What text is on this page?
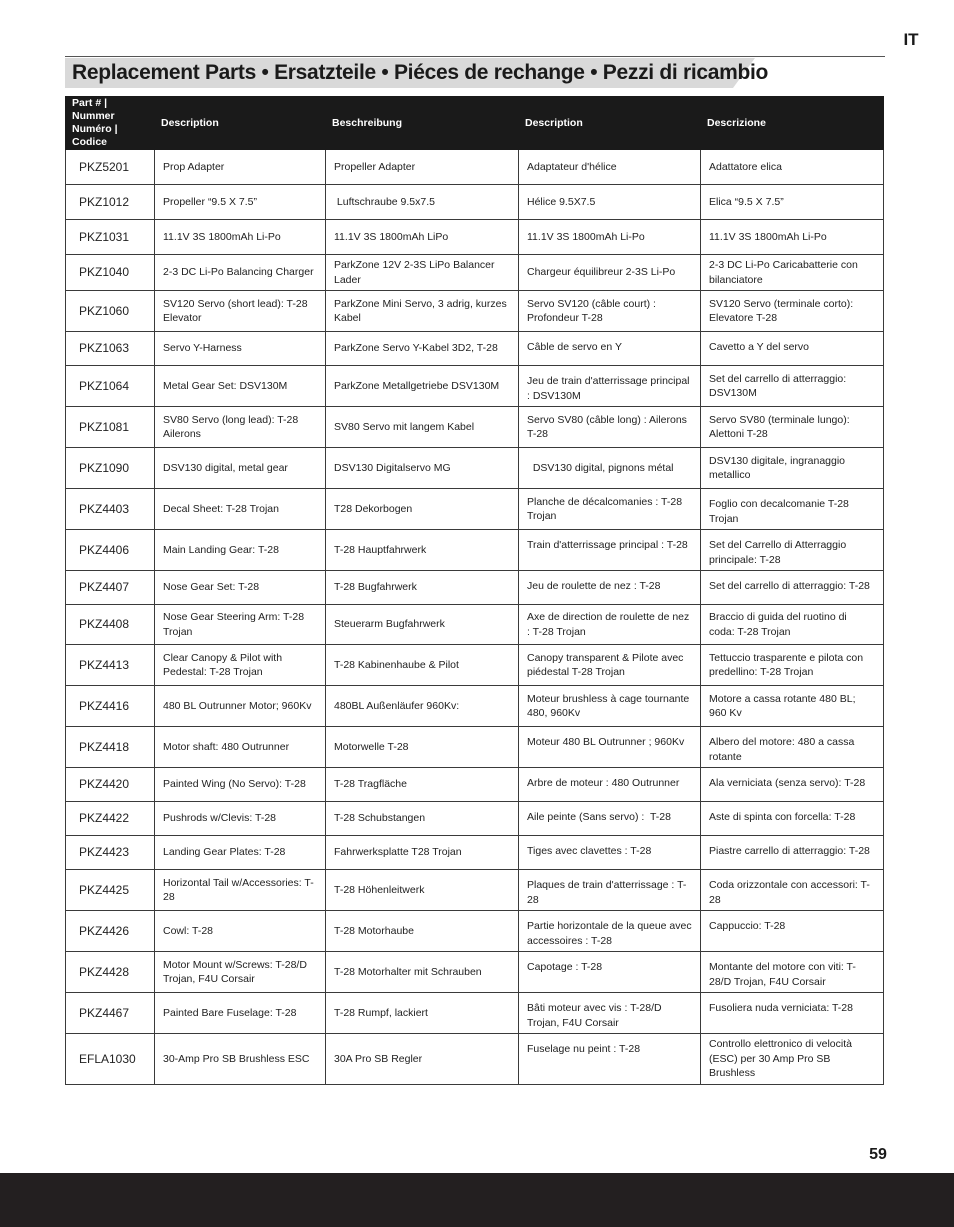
IT
Replacement Parts • Ersatzteile • Piéces de rechange • Pezzi di ricambio
Part # | Nummer
Numéro | Codice	Description	Beschreibung	Description	Descrizione
PKZ5201	Prop Adapter	Propeller Adapter	Adaptateur d'hélice	Adattatore elica
PKZ1012	Propeller “9.5 X 7.5”	Luftschraube 9.5x7.5	Hélice 9.5X7.5	Elica “9.5 X 7.5”
PKZ1031	11.1V 3S 1800mAh Li-Po	11.1V 3S 1800mAh LiPo	11.1V 3S 1800mAh Li-Po	11.1V 3S 1800mAh Li-Po
PKZ1040	2-3 DC Li-Po Balancing Charger	ParkZone 12V 2-3S LiPo Balancer Lader	Chargeur équilibreur 2-3S Li-Po	2-3 DC Li-Po Caricabatterie con bilanciatore
PKZ1060	SV120 Servo (short lead): T-28 Elevator	ParkZone Mini Servo, 3 adrig, kurzes Kabel	Servo SV120 (câble court) : Profondeur T-28	SV120 Servo (terminale corto): Elevatore T-28
PKZ1063	Servo Y-Harness	ParkZone Servo Y-Kabel 3D2, T-28	Câble de servo en Y	Cavetto a Y del servo
PKZ1064	Metal Gear Set: DSV130M	ParkZone Metallgetriebe DSV130M	Jeu de train d'atterrissage principal : DSV130M	Set del carrello di atterraggio: DSV130M
PKZ1081	SV80 Servo (long lead): T-28 Ailerons	SV80 Servo mit langem Kabel	Servo SV80 (câble long) : Ailerons T-28	Servo SV80 (terminale lungo): Alettoni T-28
PKZ1090	DSV130 digital, metal gear	DSV130 Digitalservo MG	DSV130 digital, pignons métal	DSV130 digitale, ingranaggio metallico
PKZ4403	Decal Sheet: T-28 Trojan	T28 Dekorbogen	Planche de décalcomanies : T-28 Trojan	Foglio con decalcomanie T-28 Trojan
PKZ4406	Main Landing Gear: T-28	T-28 Hauptfahrwerk	Train d'atterrissage principal : T-28	Set del Carrello di Atterraggio principale: T-28
PKZ4407	Nose Gear Set: T-28	T-28 Bugfahrwerk	Jeu de roulette de nez : T-28	Set del carrello di atterraggio: T-28
PKZ4408	Nose Gear Steering Arm: T-28 Trojan	Steuerarm Bugfahrwerk	Axe de direction de roulette de nez : T-28 Trojan	Braccio di guida del ruotino di coda: T-28 Trojan
PKZ4413	Clear Canopy & Pilot with Pedestal: T-28 Trojan	T-28 Kabinenhaube & Pilot	Canopy transparent & Pilote avec piédestal T-28 Trojan	Tettuccio trasparente e pilota con predellino: T-28 Trojan
PKZ4416	480 BL Outrunner Motor; 960Kv	480BL Außenläufer 960Kv:	Moteur brushless à cage tournante 480, 960Kv	Motore a cassa rotante 480 BL; 960 Kv
PKZ4418	Motor shaft: 480 Outrunner	Motorwelle T-28	Moteur 480 BL Outrunner ; 960Kv	Albero del motore: 480 a cassa rotante
PKZ4420	Painted Wing (No Servo): T-28	T-28 Tragfläche	Arbre de moteur : 480 Outrunner	Ala verniciata (senza servo): T-28
PKZ4422	Pushrods w/Clevis: T-28	T-28 Schubstangen	Aile peinte (Sans servo) :  T-28	Aste di spinta con forcella: T-28
PKZ4423	Landing Gear Plates: T-28	Fahrwerksplatte T28 Trojan	Tiges avec clavettes : T-28	Piastre carrello di atterraggio: T-28
PKZ4425	Horizontal Tail w/Accessories: T-28	T-28 Höhenleitwerk	Plaques de train d'atterrissage : T-28	Coda orizzontale con accessori: T-28
PKZ4426	Cowl: T-28	T-28 Motorhaube	Partie horizontale de la queue avec accessoires : T-28	Cappuccio: T-28
PKZ4428	Motor Mount w/Screws: T-28/D Trojan, F4U Corsair	T-28 Motorhalter mit Schrauben	Capotage : T-28	Montante del motore con viti: T-28/D Trojan, F4U Corsair
PKZ4467	Painted Bare Fuselage: T-28	T-28 Rumpf, lackiert	Bâti moteur avec vis : T-28/D Trojan, F4U Corsair	Fusoliera nuda verniciata: T-28
EFLA1030	30-Amp Pro SB Brushless ESC	30A Pro SB Regler	Fuselage nu peint : T-28	Controllo elettronico di velocità (ESC) per 30 Amp Pro SB Brushless
59
